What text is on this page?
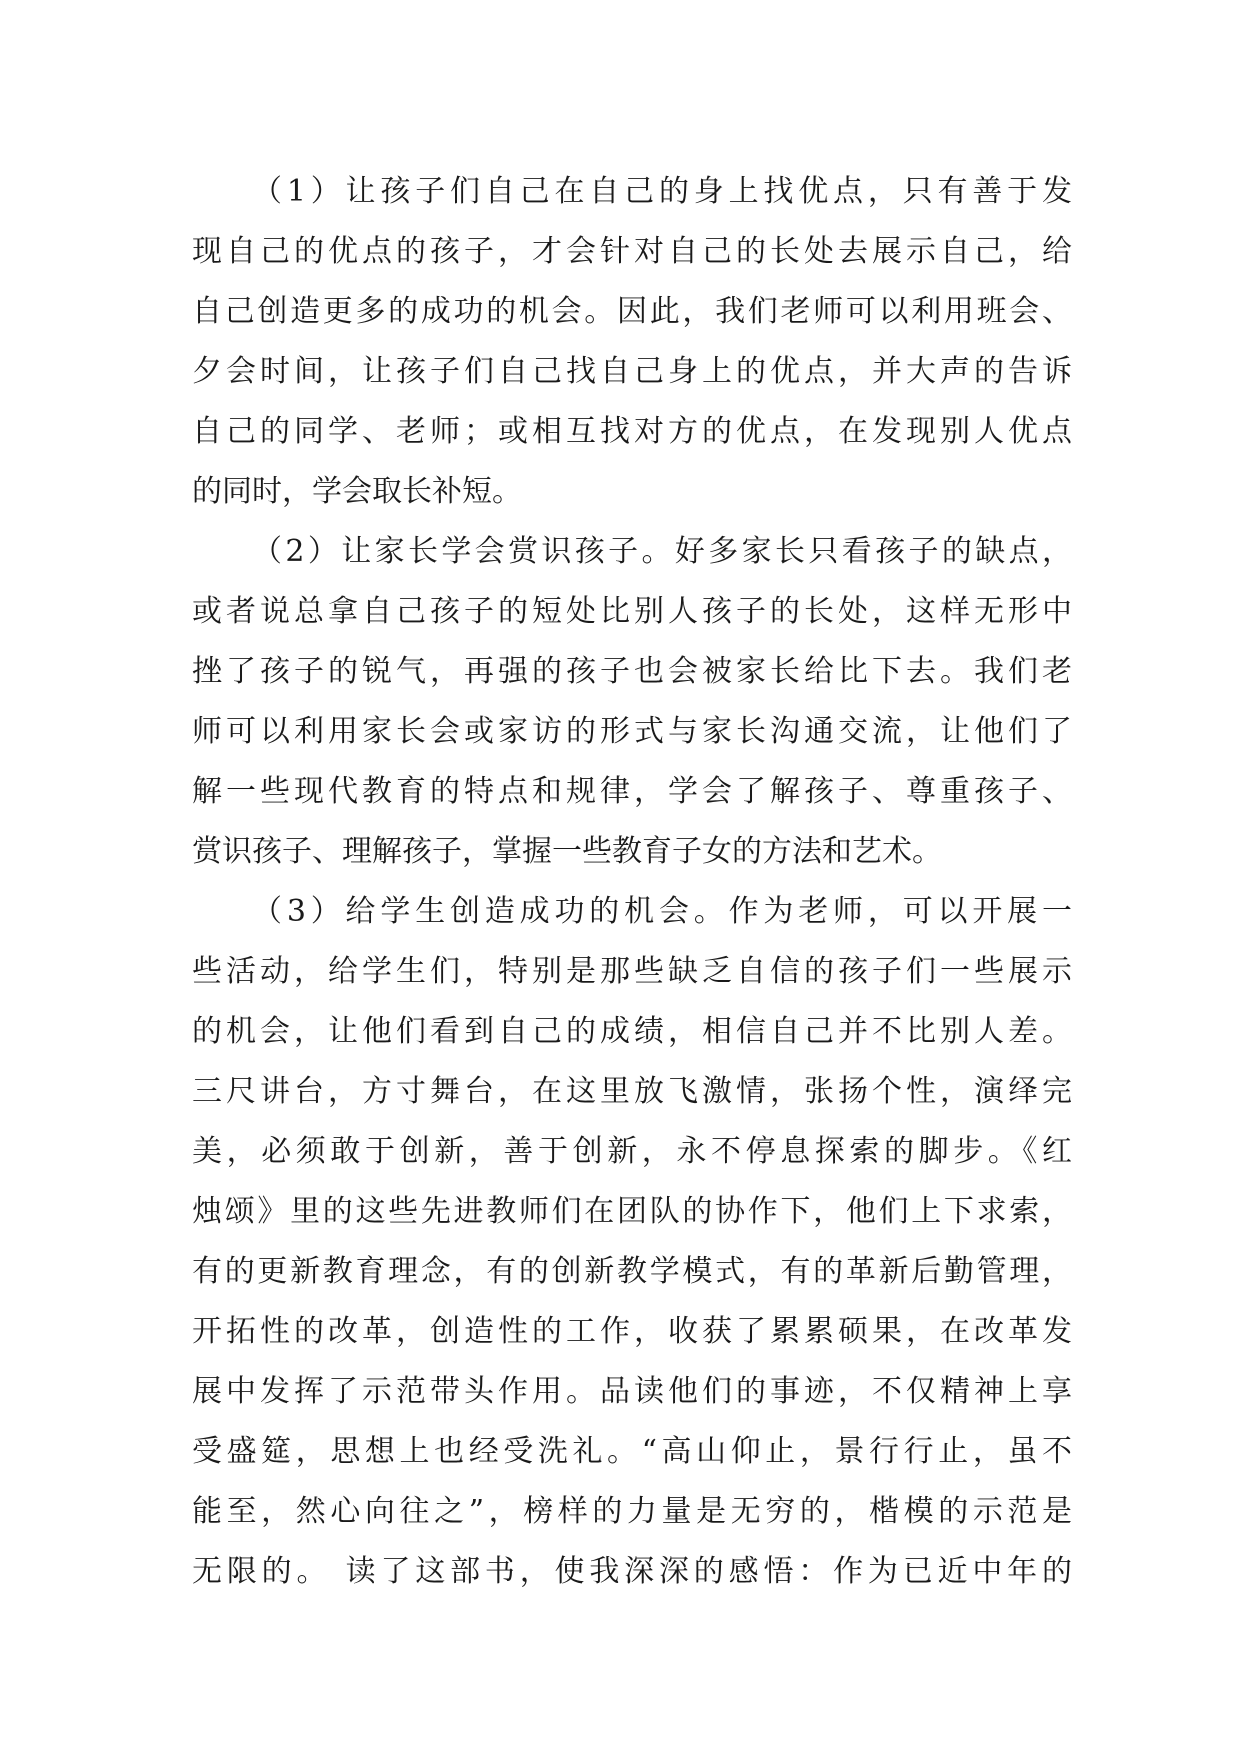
（1）让孩子们自己在自己的身上找优点，只有善于发
现自己的优点的孩子，才会针对自己的长处去展示自己，给
自己创造更多的成功的机会。因此，我们老师可以利用班会、
夕会时间，让孩子们自己找自己身上的优点，并大声的告诉
自己的同学、老师；或相互找对方的优点，在发现别人优点
的同时，学会取长补短。
（2）让家长学会赏识孩子。好多家长只看孩子的缺点，
或者说总拿自己孩子的短处比别人孩子的长处，这样无形中
挫了孩子的锐气，再强的孩子也会被家长给比下去。我们老
师可以利用家长会或家访的形式与家长沟通交流，让他们了
解一些现代教育的特点和规律，学会了解孩子、尊重孩子、
赏识孩子、理解孩子，掌握一些教育子女的方法和艺术。
（3）给学生创造成功的机会。作为老师，可以开展一
些活动，给学生们，特别是那些缺乏自信的孩子们一些展示
的机会，让他们看到自己的成绩，相信自己并不比别人差。
三尺讲台，方寸舞台，在这里放飞激情，张扬个性，演绎完
美，必须敢于创新，善于创新，永不停息探索的脚步。《红
烛颂》里的这些先进教师们在团队的协作下，他们上下求索，
有的更新教育理念，有的创新教学模式，有的革新后勤管理，
开拓性的改革，创造性的工作，收获了累累硕果，在改革发
展中发挥了示范带头作用。品读他们的事迹，不仅精神上享
受盛筵，思想上也经受洗礼。“高山仰止，景行行止，虽不
能至，然心向往之”，榜样的力量是无穷的，楷模的示范是
无限的。 读了这部书，使我深深的感悟：作为已近中年的
